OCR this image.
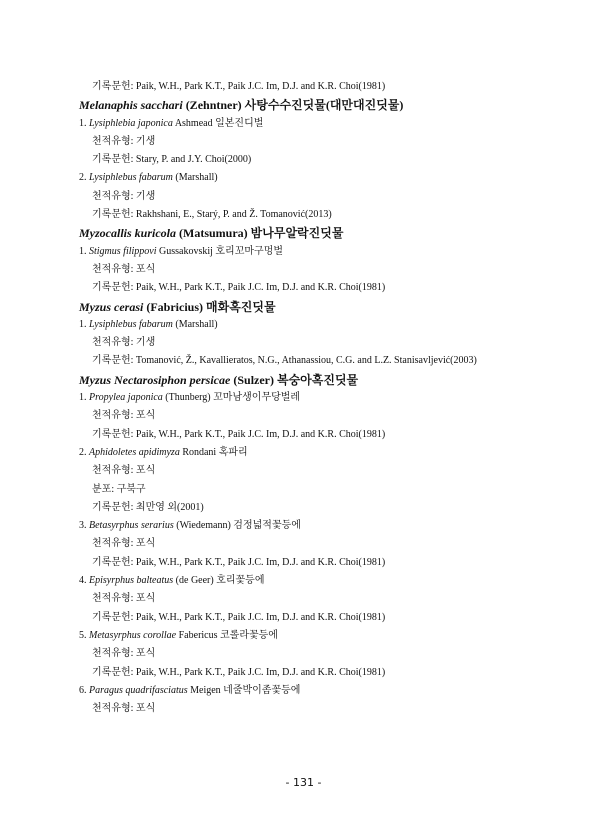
기록문헌: Paik, W.H., Park K.T., Paik J.C. Im, D.J. and K.R. Choi(1981)
Melanaphis sacchari (Zehntner) 사탕수수진딧물(대만대진딧물)
1. Lysiphlebia japonica Ashmead 일본진디벌
천적유형: 기생
기록문헌: Stary, P. and J.Y. Choi(2000)
2. Lysiphlebus fabarum (Marshall)
천적유형: 기생
기록문헌: Rakhshani, E., Starý, P. and Ž. Tomanović(2013)
Myzocallis kuricola (Matsumura) 밤나무알락진딧물
1. Stigmus filippovi Gussakovskij 호리꼬마구멍벌
천적유형: 포식
기록문헌: Paik, W.H., Park K.T., Paik J.C. Im, D.J. and K.R. Choi(1981)
Myzus cerasi (Fabricius) 매화혹진딧물
1. Lysiphlebus fabarum (Marshall)
천적유형: 기생
기록문헌: Tomanović, Ž., Kavallieratos, N.G., Athanassiou, C.G. and L.Z. Stanisavljević(2003)
Myzus Nectarosiphon persicae (Sulzer) 복숭아혹진딧물
1. Propylea japonica (Thunberg) 꼬마남생이무당벌레
천적유형: 포식
기록문헌: Paik, W.H., Park K.T., Paik J.C. Im, D.J. and K.R. Choi(1981)
2. Aphidoletes apidimyza Rondani 혹파리
천적유형: 포식
분포: 구북구
기록문헌: 최만영 외(2001)
3. Betasyrphus serarius (Wiedemann) 검정넓적꽃등에
천적유형: 포식
기록문헌: Paik, W.H., Park K.T., Paik J.C. Im, D.J. and K.R. Choi(1981)
4. Episyrphus balteatus (de Geer) 호리꽃등에
천적유형: 포식
기록문헌: Paik, W.H., Park K.T., Paik J.C. Im, D.J. and K.R. Choi(1981)
5. Metasyrphus corollae Fabericus 코롤라꽃등에
천적유형: 포식
기록문헌: Paik, W.H., Park K.T., Paik J.C. Im, D.J. and K.R. Choi(1981)
6. Paragus quadrifasciatus Meigen 네줄박이좀꽃등에
천적유형: 포식
- 131 -
